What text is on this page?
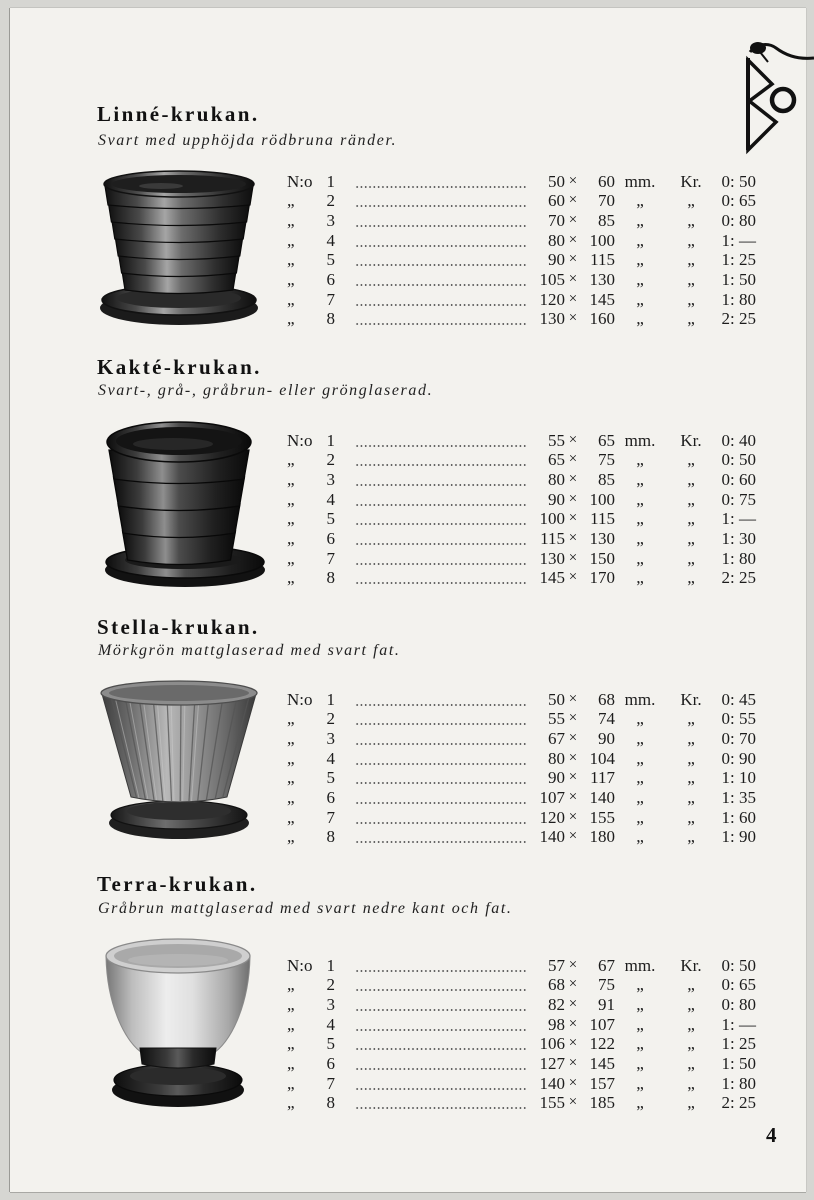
Linné-krukan.
Svart med upphöjda rödbruna ränder.
N:o 1	50 ×	60 mm.	Kr.	0: 50
„	2	60 ×	70	„	„	0: 65
„	3	70 ×	85	„	„	0: 80
„	4	80 × 100	„	„	1: —
„	5	90 × 115	„	„	1: 25
„	6	105 × 130	„	„	1: 50
„	7	120 × 145	„	„	1: 80
„	8	130 × 160	„	„	2: 25
Kakté-krukan.
Svart-, grå-, gråbrun- eller grönglaserad.
N:o 1	55 ×	65 mm.	Kr.	0: 40
„	2	65 ×	75	„	„	0: 50
„	3	80 ×	85	„	„	0: 60
„	4	90 × 100	„	„	0: 75
„	5	100 × 115	„	„	1: —
„	6	115 × 130	„	„	1: 30
„	7	130 × 150	„	„	1: 80
„	8	145 × 170	„	„	2: 25
Stella-krukan.
Mörkgrön mattglaserad med svart fat.
N:o 1	50 ×	68 mm.	Kr.	0: 45
„	2	55 ×	74	„	„	0: 55
„	3	67 ×	90	„	„	0: 70
„	4	80 × 104	„	„	0: 90
„	5	90 × 117	„	„	1: 10
„	6	107 × 140	„	„	1: 35
„	7	120 × 155	„	„	1: 60
„	8	140 × 180	„	„	1: 90
Terra-krukan.
Gråbrun mattglaserad med svart nedre kant och fat.
N:o 1	57 ×	67 mm.	Kr.	0: 50
„	2	68 ×	75	„	„	0: 65
„	3	82 ×	91	„	„	0: 80
„	4	98 × 107	„	„	1: —
„	5	106 × 122	„	„	1: 25
„	6	127 × 145	„	„	1: 50
„	7	140 × 157	„	„	1: 80
„	8	155 × 185	„	„	2: 25
4
